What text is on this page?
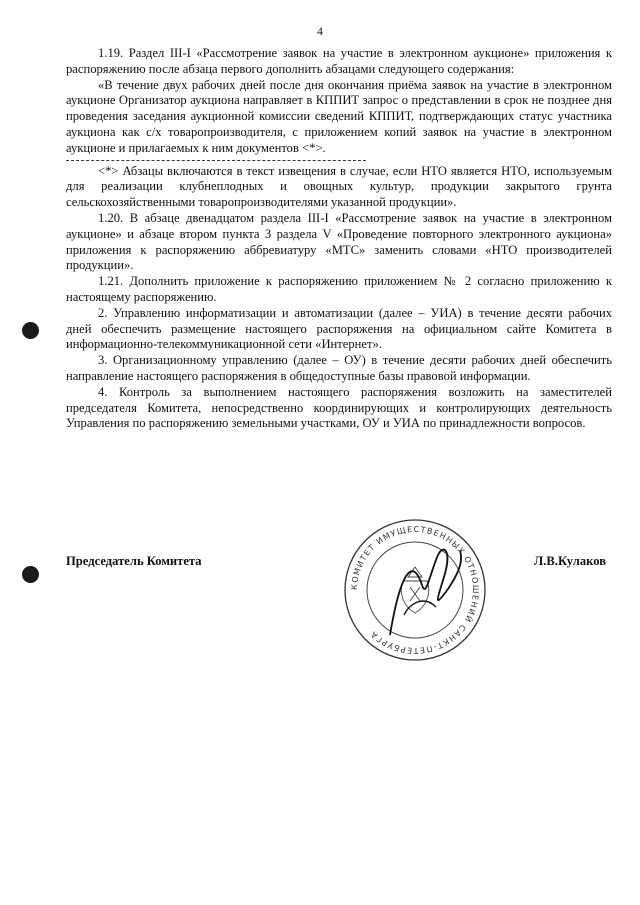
4

1.19. Раздел III-I «Рассмотрение заявок на участие в электронном аукционе» приложения к распоряжению после абзаца первого дополнить абзацами следующего содержания:

«В течение двух рабочих дней после дня окончания приёма заявок на участие в электронном аукционе Организатор аукциона направляет в КППИТ запрос о представлении в срок не позднее дня проведения заседания аукционной комиссии сведений КППИТ, подтверждающих статус участника аукциона как с/х товаропроизводителя, с приложением копий заявок на участие в электронном аукционе и прилагаемых к ним документов <*>.

<*> Абзацы включаются в текст извещения в случае, если НТО является НТО, используемым для реализации клубнеплодных и овощных культур, продукции закрытого грунта сельскохозяйственными товаропроизводителями указанной продукции».

1.20. В абзаце двенадцатом раздела III-I «Рассмотрение заявок на участие в электронном аукционе» и абзаце втором пункта 3 раздела V «Проведение повторного электронного аукциона» приложения к распоряжению аббревиатуру «МТС» заменить словами «НТО производителей продукции».

1.21. Дополнить приложение к распоряжению приложением № 2 согласно приложению к настоящему распоряжению.

2. Управлению информатизации и автоматизации (далее – УИА) в течение десяти рабочих дней обеспечить размещение настоящего распоряжения на официальном сайте Комитета в информационно-телекоммуникационной сети «Интернет».

3. Организационному управлению (далее – ОУ) в течение десяти рабочих дней обеспечить направление настоящего распоряжения в общедоступные базы правовой информации.

4. Контроль за выполнением настоящего распоряжения возложить на заместителей председателя Комитета, непосредственно координирующих и контролирующих деятельность Управления по распоряжению земельными участками, ОУ и УИА по принадлежности вопросов.

КОМИТЕТ ИМУЩЕСТВЕННЫХ ОТНОШЕНИЙ САНКТ-ПЕТЕРБУРГА
Председатель Комитета	Л.В.Кулаков
